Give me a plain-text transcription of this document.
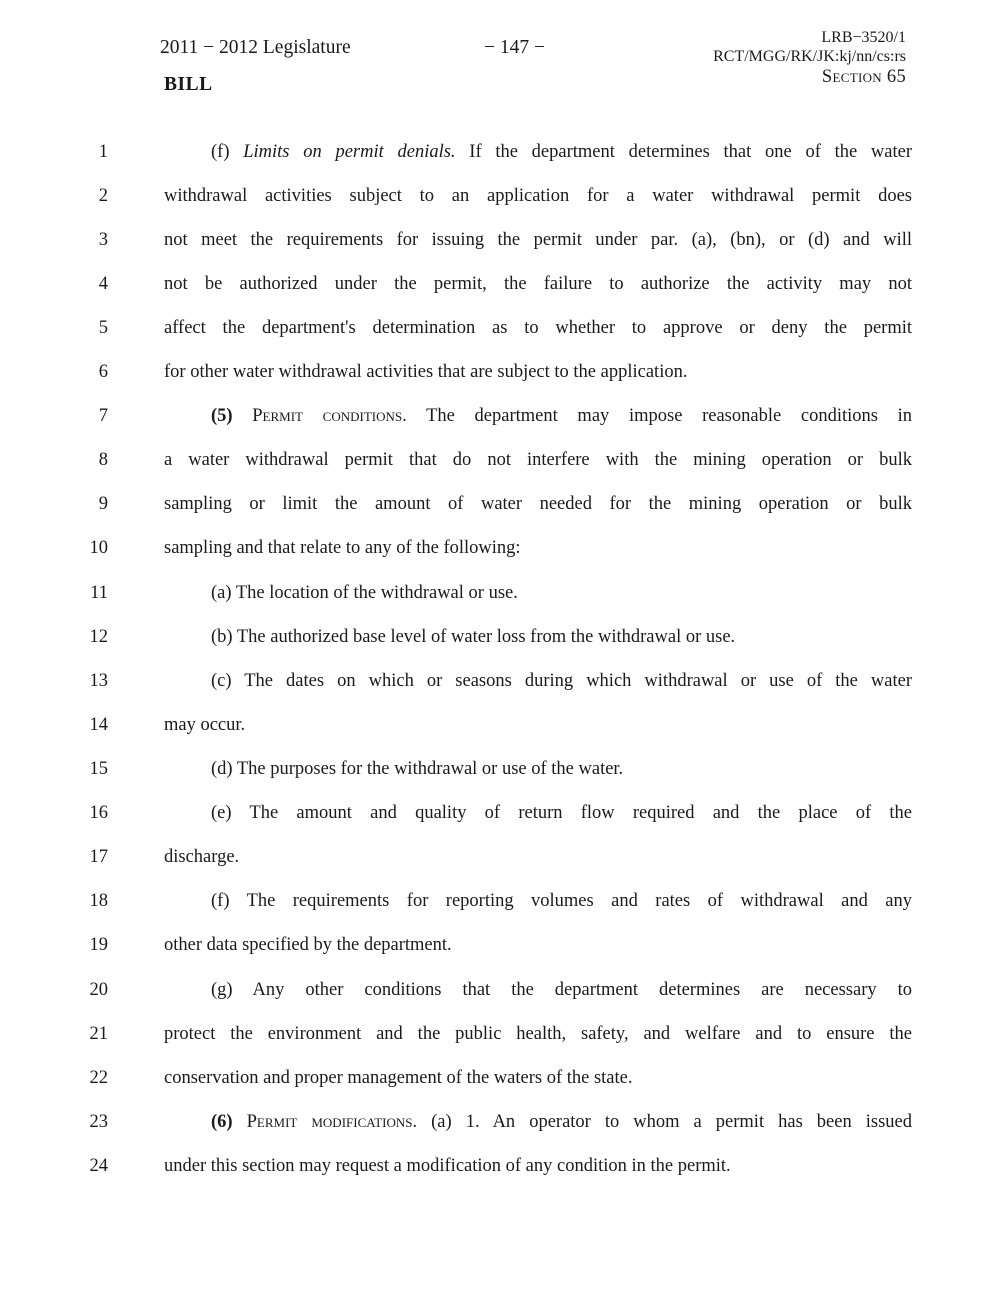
2011 − 2012 Legislature
BILL
− 147 −	LRB−3520/1
RCT/MGG/RK/JK:kj/nn/cs:rs
Section 65
1	(f) Limits on permit denials. If the department determines that one of the water
2	withdrawal activities subject to an application for a water withdrawal permit does
3	not meet the requirements for issuing the permit under par. (a), (bn), or (d) and will
4	not be authorized under the permit, the failure to authorize the activity may not
5	affect the department's determination as to whether to approve or deny the permit
6	for other water withdrawal activities that are subject to the application.
7	(5) Permit conditions. The department may impose reasonable conditions in
8	a water withdrawal permit that do not interfere with the mining operation or bulk
9	sampling or limit the amount of water needed for the mining operation or bulk
10	sampling and that relate to any of the following:
11	(a) The location of the withdrawal or use.
12	(b) The authorized base level of water loss from the withdrawal or use.
13	(c) The dates on which or seasons during which withdrawal or use of the water
14	may occur.
15	(d) The purposes for the withdrawal or use of the water.
16	(e) The amount and quality of return flow required and the place of the
17	discharge.
18	(f) The requirements for reporting volumes and rates of withdrawal and any
19	other data specified by the department.
20	(g) Any other conditions that the department determines are necessary to
21	protect the environment and the public health, safety, and welfare and to ensure the
22	conservation and proper management of the waters of the state.
23	(6) Permit modifications. (a) 1. An operator to whom a permit has been issued
24	under this section may request a modification of any condition in the permit.
